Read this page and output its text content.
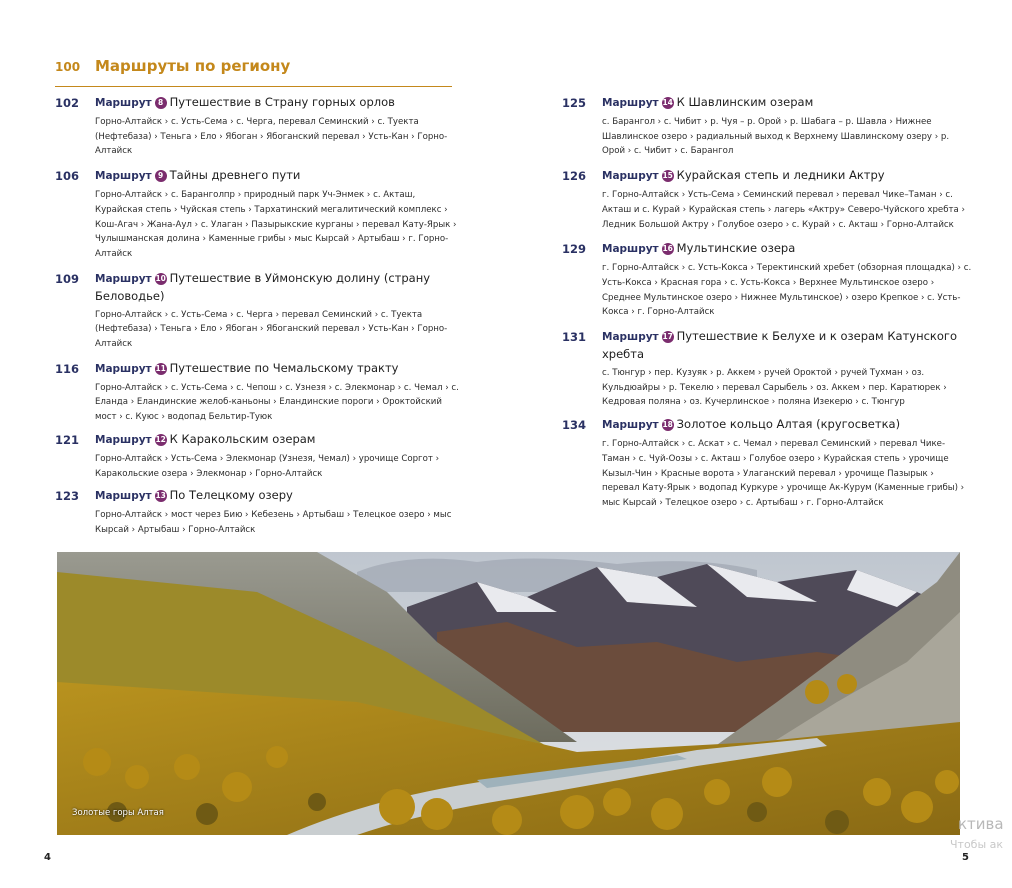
100 Маршруты по региону
102 Маршрут 8 Путешествие в Страну горных орлов
Горно-Алтайск › с. Усть-Сема › с. Черга, перевал Семинский › с. Туекта (Нефтебаза) › Теньга › Ело › Ябоган › Ябоганский перевал › Усть-Кан › Горно-Алтайск
106 Маршрут 9 Тайны древнего пути
Горно-Алтайск › с. Баранголпр › природный парк Уч-Энмек › с. Акташ, Курайская степь › Чуйская степь › Тархатинский мегалитический комплекс › Кош-Агач › Жана-Аул › с. Улаган › Пазырыкские курганы › перевал Кату-Ярык › Чулышманская долина › Каменные грибы › мыс Кырсай › Артыбаш › г. Горно-Алтайск
109 Маршрут 10 Путешествие в Уймонскую долину (страну Беловодье)
Горно-Алтайск › с. Усть-Сема › с. Черга › перевал Семинский › с. Туекта (Нефтебаза) › Теньга › Ело › Ябоган › Ябоганский перевал › Усть-Кан › Горно-Алтайск
116 Маршрут 11 Путешествие по Чемальскому тракту
Горно-Алтайск › с. Усть-Сема › с. Чепош › с. Узнезя › с. Элекмонар › с. Чемал › с. Еланда › Еландинские желоб-каньоны › Еландинские пороги › Ороктойский мост › с. Куюс › водопад Бельтир-Туюк
121 Маршрут 12 К Каракольским озерам
Горно-Алтайск › Усть-Сема › Элекмонар (Узнезя, Чемал) › урочище Соргот › Каракольские озера › Элекмонар › Горно-Алтайск
123 Маршрут 13 По Телецкому озеру
Горно-Алтайск › мост через Бию › Кебезень › Артыбаш › Телецкое озеро › мыс Кырсай › Артыбаш › Горно-Алтайск
125 Маршрут 14 К Шавлинским озерам
с. Барангол › с. Чибит › р. Чуя – р. Орой › р. Шабага – р. Шавла › Нижнее Шавлинское озеро › радиальный выход к Верхнему Шавлинскому озеру › р. Орой › с. Чибит › с. Барангол
126 Маршрут 15 Курайская степь и ледники Актру
г. Горно-Алтайск › Усть-Сема › Семинский перевал › перевал Чике–Таман › с. Акташ и с. Курай › Курайская степь › лагерь «Актру» Северо-Чуйского хребта › Ледник Большой Актру › Голубое озеро › с. Курай › с. Акташ › Горно-Алтайск
129 Маршрут 16 Мультинские озера
г. Горно-Алтайск › с. Усть-Кокса › Теректинский хребет (обзорная площадка) › с. Усть-Кокса › Красная гора › с. Усть-Кокса › Верхнее Мультинское озеро › Среднее Мультинское озеро › Нижнее Мультинское) › озеро Крепкое › с. Усть-Кокса › г. Горно-Алтайск
131 Маршрут 17 Путешествие к Белухе и к озерам Катунского хребта
с. Тюнгур › пер. Кузуяк › р. Аккем › ручей Ороктой › ручей Тухман › оз. Кульдюайры › р. Текелю › перевал Сарыбель › оз. Аккем › пер. Каратюрек › Кедровая поляна › оз. Кучерлинское › поляна Изекерю › с. Тюнгур
134 Маршрут 18 Золотое кольцо Алтая (кругосветка)
г. Горно-Алтайск › с. Аскат › с. Чемал › перевал Семинский › перевал Чике-Таман › с. Чуй-Оозы › с. Акташ › Голубое озеро › Курайская степь › урочище Кызыл-Чин › Красные ворота › Улаганский перевал › урочище Пазырык › перевал Кату-Ярык › водопад Куркуре › урочище Ак-Курум (Каменные грибы) › мыс Кырсай › Телецкое озеро › с. Артыбаш › г. Горно-Алтайск
Золотые горы Алтая
4	5
ктива
Чтобы ак
